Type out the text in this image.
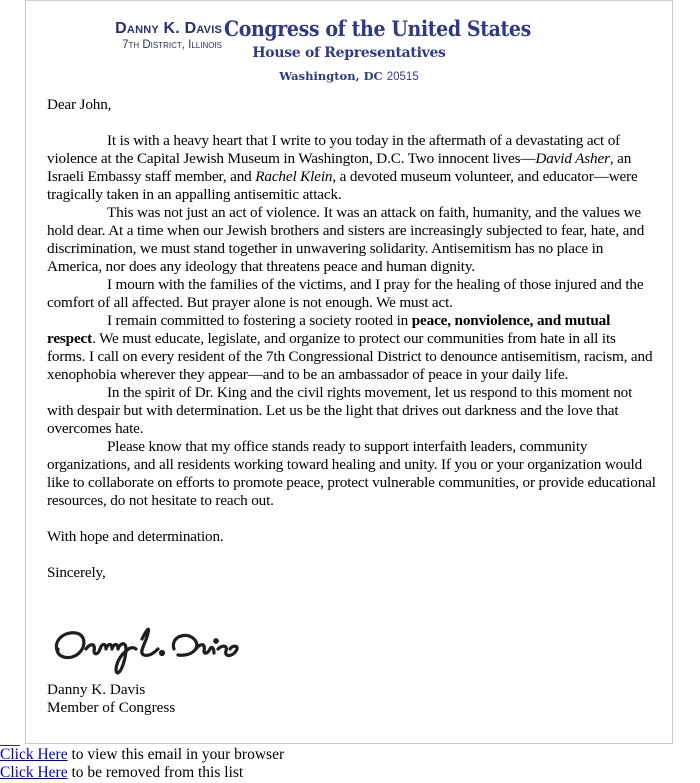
Danny K. Davis
7th District, Illinois
Congress of the United States
House of Representatives
Washington, DC 20515

Dear John,

It is with a heavy heart that I write to you today in the aftermath of a devastating act of violence at the Capital Jewish Museum in Washington, D.C. Two innocent lives—David Asher, an Israeli Embassy staff member, and Rachel Klein, a devoted museum volunteer, and educator—were tragically taken in an appalling antisemitic attack.

This was not just an act of violence. It was an attack on faith, humanity, and the values we hold dear. At a time when our Jewish brothers and sisters are increasingly subjected to fear, hate, and discrimination, we must stand together in unwavering solidarity. Antisemitism has no place in America, nor does any ideology that threatens peace and human dignity.

I mourn with the families of the victims, and I pray for the healing of those injured and the comfort of all affected. But prayer alone is not enough. We must act.

I remain committed to fostering a society rooted in peace, nonviolence, and mutual respect. We must educate, legislate, and organize to protect our communities from hate in all its forms. I call on every resident of the 7th Congressional District to denounce antisemitism, racism, and xenophobia wherever they appear—and to be an ambassador of peace in your daily life.

In the spirit of Dr. King and the civil rights movement, let us respond to this moment not with despair but with determination. Let us be the light that drives out darkness and the love that overcomes hate.

Please know that my office stands ready to support interfaith leaders, community organizations, and all residents working toward healing and unity. If you or your organization would like to collaborate on efforts to promote peace, protect vulnerable communities, or provide educational resources, do not hesitate to reach out.

With hope and determination.

Sincerely,

Danny K. Davis
Member of Congress
Click Here to view this email in your browser
Click Here to be removed from this list
